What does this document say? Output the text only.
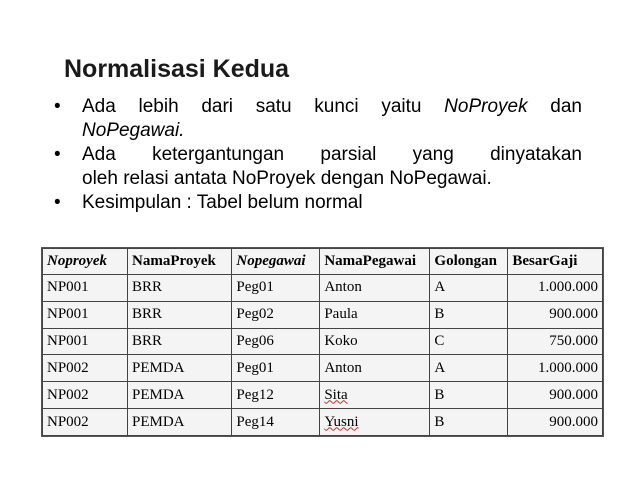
Normalisasi Kedua
• Ada lebih dari satu kunci yaitu NoProyek dan
NoPegawai.
• Ada ketergantungan parsial yang dinyatakan
oleh relasi antata NoProyek dengan NoPegawai.
• Kesimpulan : Tabel belum normal
Noproyek	NamaProyek	Nopegawai	NamaPegawai	Golongan	BesarGaji
NP001	BRR	Peg01	Anton	A	1.000.000
NP001	BRR	Peg02	Paula	B	900.000
NP001	BRR	Peg06	Koko	C	750.000
NP002	PEMDA	Peg01	Anton	A	1.000.000
NP002	PEMDA	Peg12	Sita	B	900.000
NP002	PEMDA	Peg14	Yusni	B	900.000
